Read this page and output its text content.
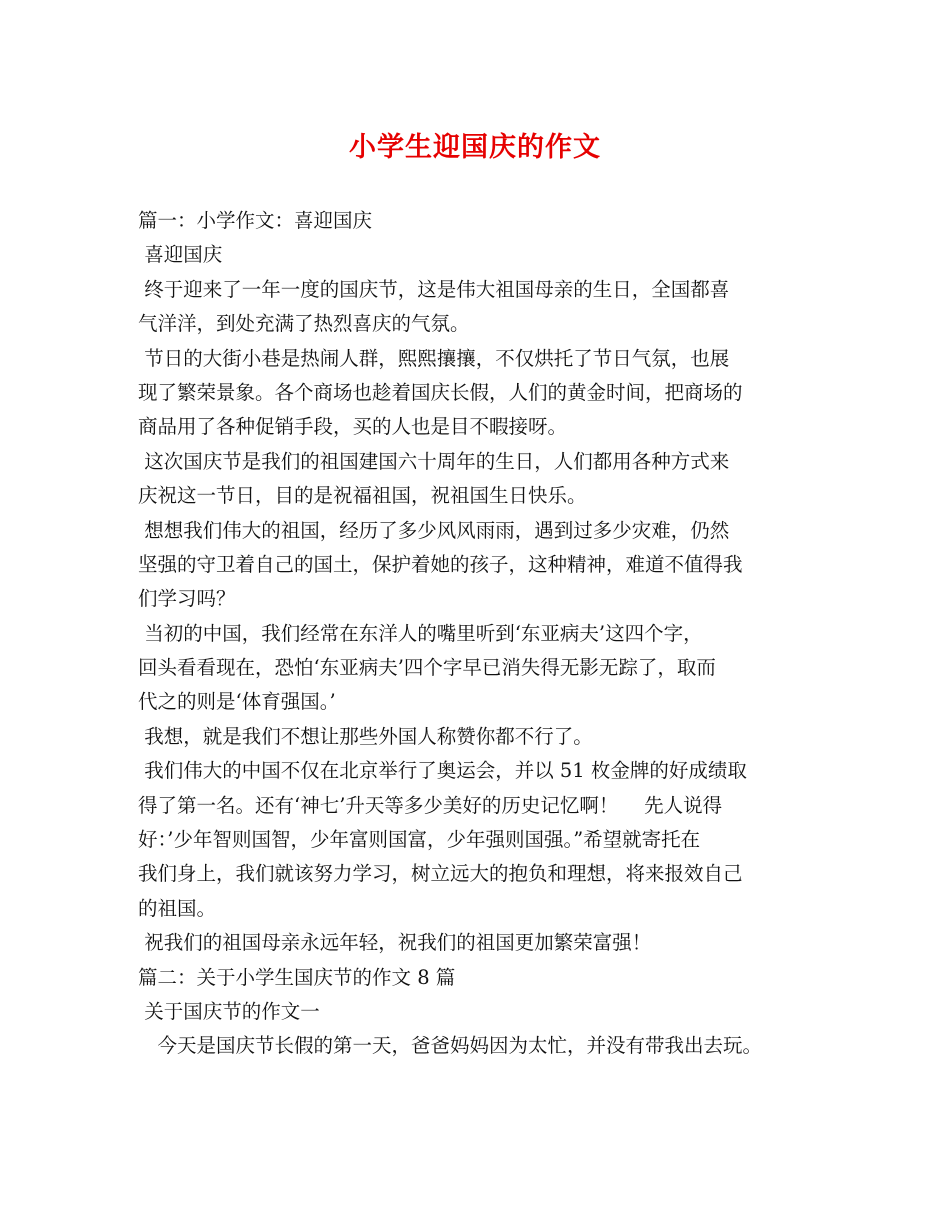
小学生迎国庆的作文
篇一：小学作文：喜迎国庆
喜迎国庆
终于迎来了一年一度的国庆节，这是伟大祖国母亲的生日，全国都喜
气洋洋，到处充满了热烈喜庆的气氛。
节日的大街小巷是热闹人群，熙熙攘攘，不仅烘托了节日气氛，也展
现了繁荣景象。各个商场也趁着国庆长假，人们的黄金时间，把商场的
商品用了各种促销手段，买的人也是目不暇接呀。
这次国庆节是我们的祖国建国六十周年的生日，人们都用各种方式来
庆祝这一节日，目的是祝福祖国，祝祖国生日快乐。
想想我们伟大的祖国，经历了多少风风雨雨，遇到过多少灾难，仍然
坚强的守卫着自己的国土，保护着她的孩子，这种精神，难道不值得我
们学习吗？
当初的中国，我们经常在东洋人的嘴里听到‘东亚病夫’这四个字，
回头看看现在，恐怕‘东亚病夫’四个字早已消失得无影无踪了，取而
代之的则是‘体育强国。’
我想，就是我们不想让那些外国人称赞你都不行了。
我们伟大的中国不仅在北京举行了奥运会，并以 51 枚金牌的好成绩取
得了第一名。还有‘神七’升天等多少美好的历史记忆啊！　 先人说得
好：’少年智则国智，少年富则国富，少年强则国强。”希望就寄托在
我们身上，我们就该努力学习，树立远大的抱负和理想，将来报效自己
的祖国。
祝我们的祖国母亲永远年轻，祝我们的祖国更加繁荣富强！
篇二：关于小学生国庆节的作文 8 篇
关于国庆节的作文一
　今天是国庆节长假的第一天，爸爸妈妈因为太忙，并没有带我出去玩。
